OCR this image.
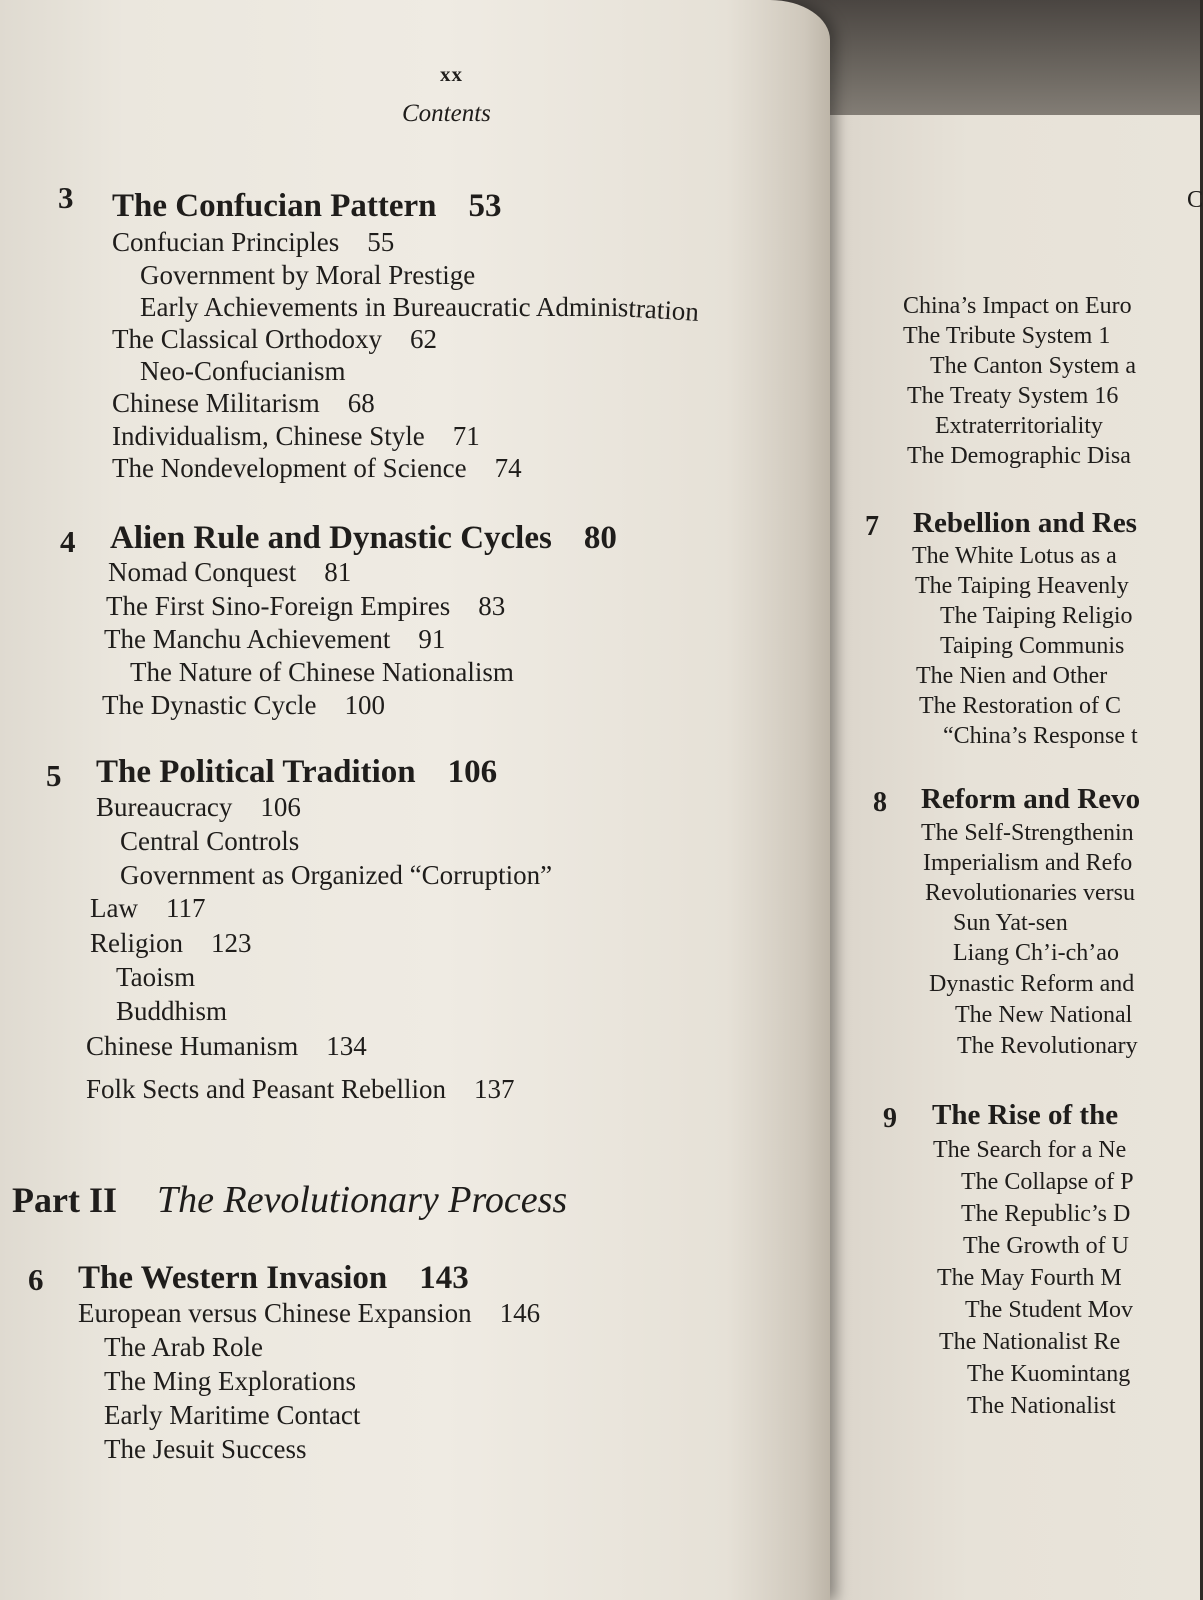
C
China’s Impact on Euro
The Tribute System 1
The Canton System a
The Treaty System 16
Extraterritoriality
The Demographic Disa
7 Rebellion and Res
The White Lotus as a
The Taiping Heavenly
The Taiping Religio
Taiping Communis
The Nien and Other
The Restoration of C
“China’s Response t
8 Reform and Revo
The Self-Strengthenin
Imperialism and Refo
Revolutionaries versu
Sun Yat-sen
Liang Ch’i-ch’ao
Dynastic Reform and
The New National
The Revolutionary
9 The Rise of the
The Search for a Ne
The Collapse of P
The Republic’s D
The Growth of U
The May Fourth M
The Student Mov
The Nationalist Re
The Kuomintang
The Nationalist
xx
Contents
3 The Confucian Pattern 53
Confucian Principles 55
Government by Moral Prestige
Early Achievements in Bureaucratic Administration
The Classical Orthodoxy 62
Neo-Confucianism
Chinese Militarism 68
Individualism, Chinese Style 71
The Nondevelopment of Science 74
4 Alien Rule and Dynastic Cycles 80
Nomad Conquest 81
The First Sino-Foreign Empires 83
The Manchu Achievement 91
The Nature of Chinese Nationalism
The Dynastic Cycle 100
5 The Political Tradition 106
Bureaucracy 106
Central Controls
Government as Organized “Corruption”
Law 117
Religion 123
Taoism
Buddhism
Chinese Humanism 134
Folk Sects and Peasant Rebellion 137
Part II The Revolutionary Process
6 The Western Invasion 143
European versus Chinese Expansion 146
The Arab Role
The Ming Explorations
Early Maritime Contact
The Jesuit Success
